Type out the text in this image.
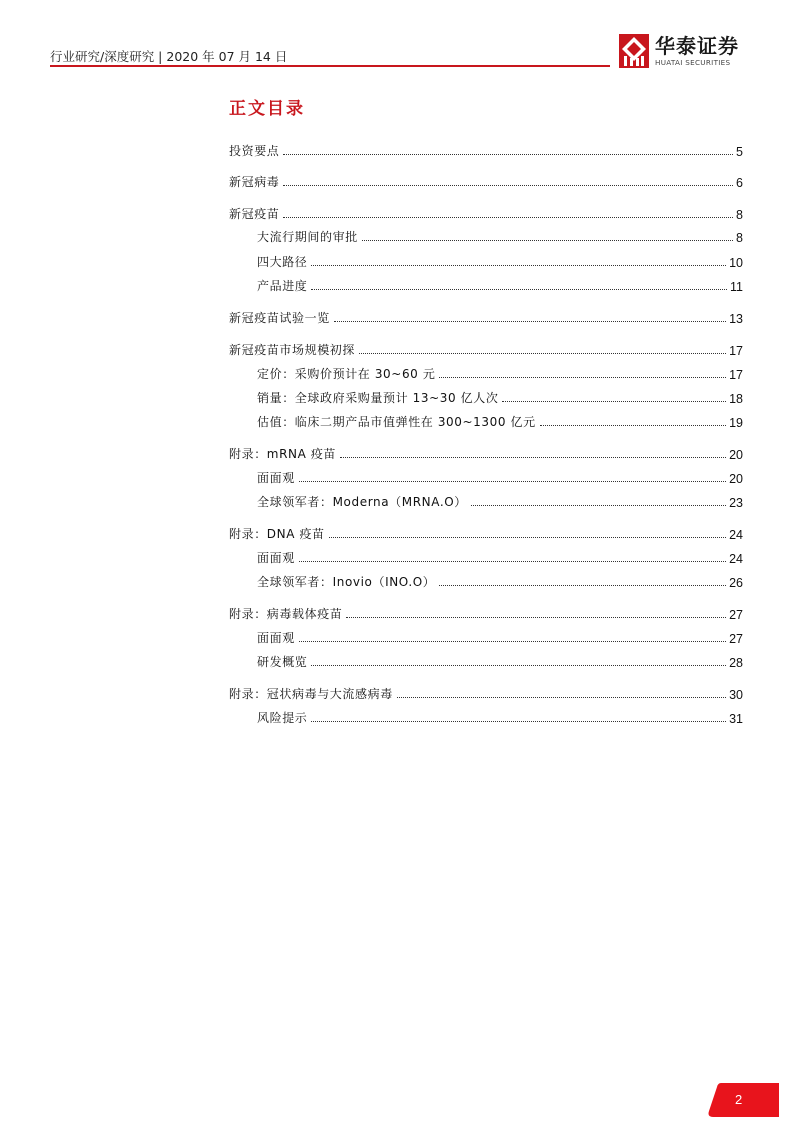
行业研究/深度研究 | 2020 年 07 月 14 日	华泰证券
HUATAI SECURITIES
正文目录
投资要点	5
新冠病毒	6
新冠疫苗	8
大流行期间的审批	8
四大路径	10
产品进度	11
新冠疫苗试验一览	13
新冠疫苗市场规模初探	17
定价：采购价预计在 30~60 元	17
销量：全球政府采购量预计 13~30 亿人次	18
估值：临床二期产品市值弹性在 300~1300 亿元	19
附录：mRNA 疫苗	20
面面观	20
全球领军者：Moderna（MRNA.O）	23
附录：DNA 疫苗	24
面面观	24
全球领军者：Inovio（INO.O）	26
附录：病毒载体疫苗	27
面面观	27
研发概览	28
附录：冠状病毒与大流感病毒	30
风险提示	31
2
